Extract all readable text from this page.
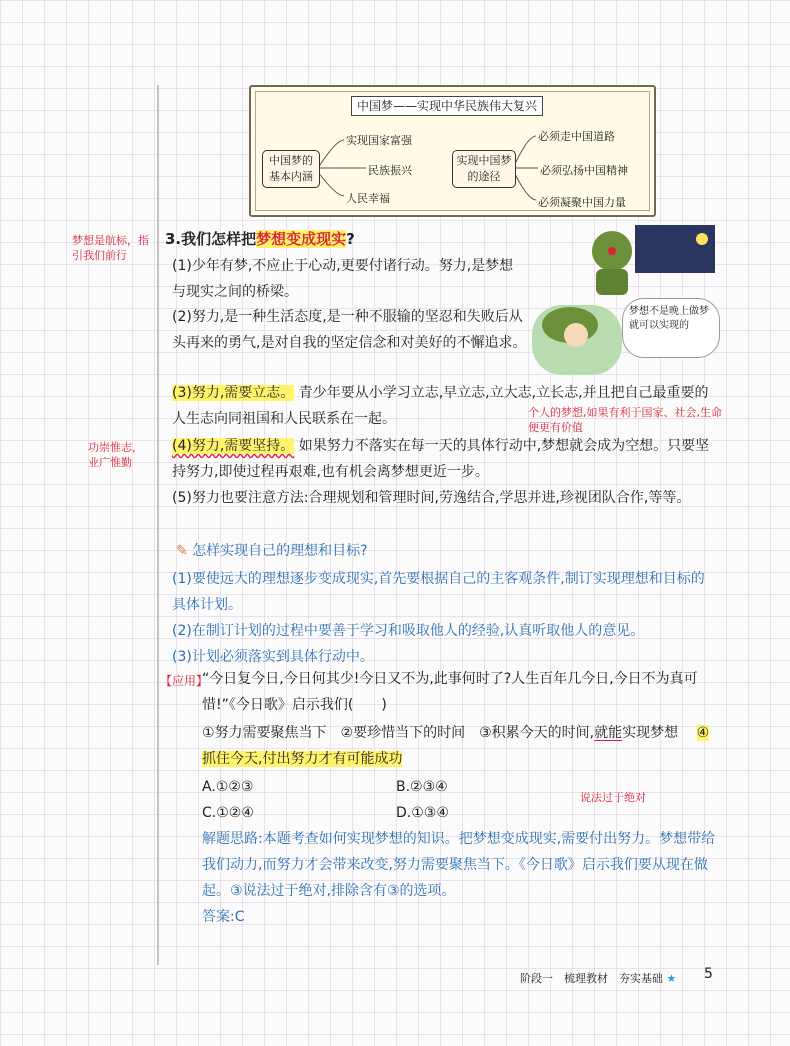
中国梦——实现中华民族伟大复兴
中国梦的基本内涵
实现国家富强
民族振兴
人民幸福
实现中国梦的途径
必须走中国道路
必须弘扬中国精神
必须凝聚中国力量
梦想是航标，指引我们前行
功崇惟志，业广惟勤
3.我们怎样把梦想变成现实?
梦想不是晚上做梦就可以实现的
(1)少年有梦,不应止于心动,更要付诸行动。努力,是梦想与现实之间的桥梁。
(2)努力,是一种生活态度,是一种不服输的坚忍和失败后从头再来的勇气,是对自我的坚定信念和对美好的不懈追求。
(3)努力,需要立志。 青少年要从小学习立志,早立志,立大志,立长志,并且把自己最重要的人生志向同祖国和人民联系在一起。	个人的梦想,如果有利于国家、社会,生命便更有价值
(4)努力,需要坚持。 如果努力不落实在每一天的具体行动中,梦想就会成为空想。只要坚持努力,即使过程再艰难,也有机会离梦想更近一步。
(5)努力也要注意方法:合理规划和管理时间,劳逸结合,学思并进,珍视团队合作,等等。
✎ 怎样实现自己的理想和目标?
(1)要使远大的理想逐步变成现实,首先要根据自己的主客观条件,制订实现理想和目标的具体计划。
(2)在制订计划的过程中要善于学习和吸取他人的经验,认真听取他人的意见。
(3)计划必须落实到具体行动中。
【应用】
“今日复今日,今日何其少!今日又不为,此事何时了?人生百年几今日,今日不为真可惜!”《今日歌》启示我们(　　)
①努力需要聚焦当下　②要珍惜当下的时间　③积累今天的时间,就能实现梦想 　 ④抓住今天,付出努力才有可能成功
说法过于绝对
A.①②③	B.②③④
C.①②④	D.①③④
解题思路:本题考查如何实现梦想的知识。把梦想变成现实,需要付出努力。梦想带给我们动力,而努力才会带来改变,努力需要聚焦当下。《今日歌》启示我们要从现在做起。③说法过于绝对,排除含有③的选项。
答案:C
阶段一　梳理教材　夯实基础 ★ 5
